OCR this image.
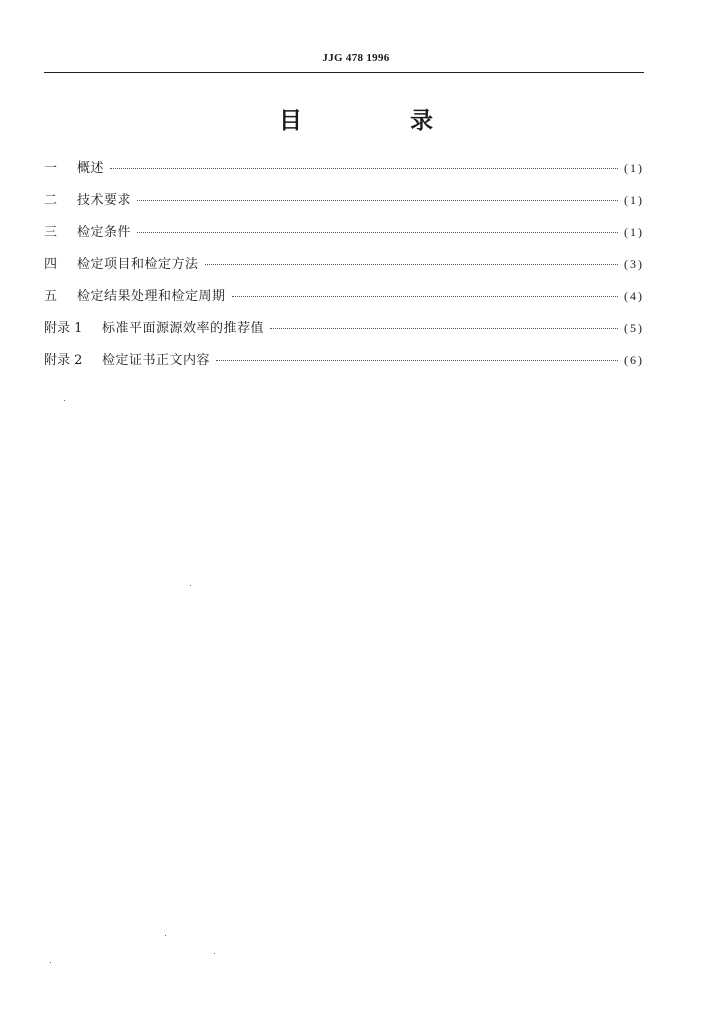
JJG 478 1996
目 录
一	概述	(1)
二	技术要求	(1)
三	检定条件	(1)
四	检定项目和检定方法	(3)
五	检定结果处理和检定周期	(4)
附录 1	标准平面源源效率的推荐值	(5)
附录 2	检定证书正文内容	(6)
